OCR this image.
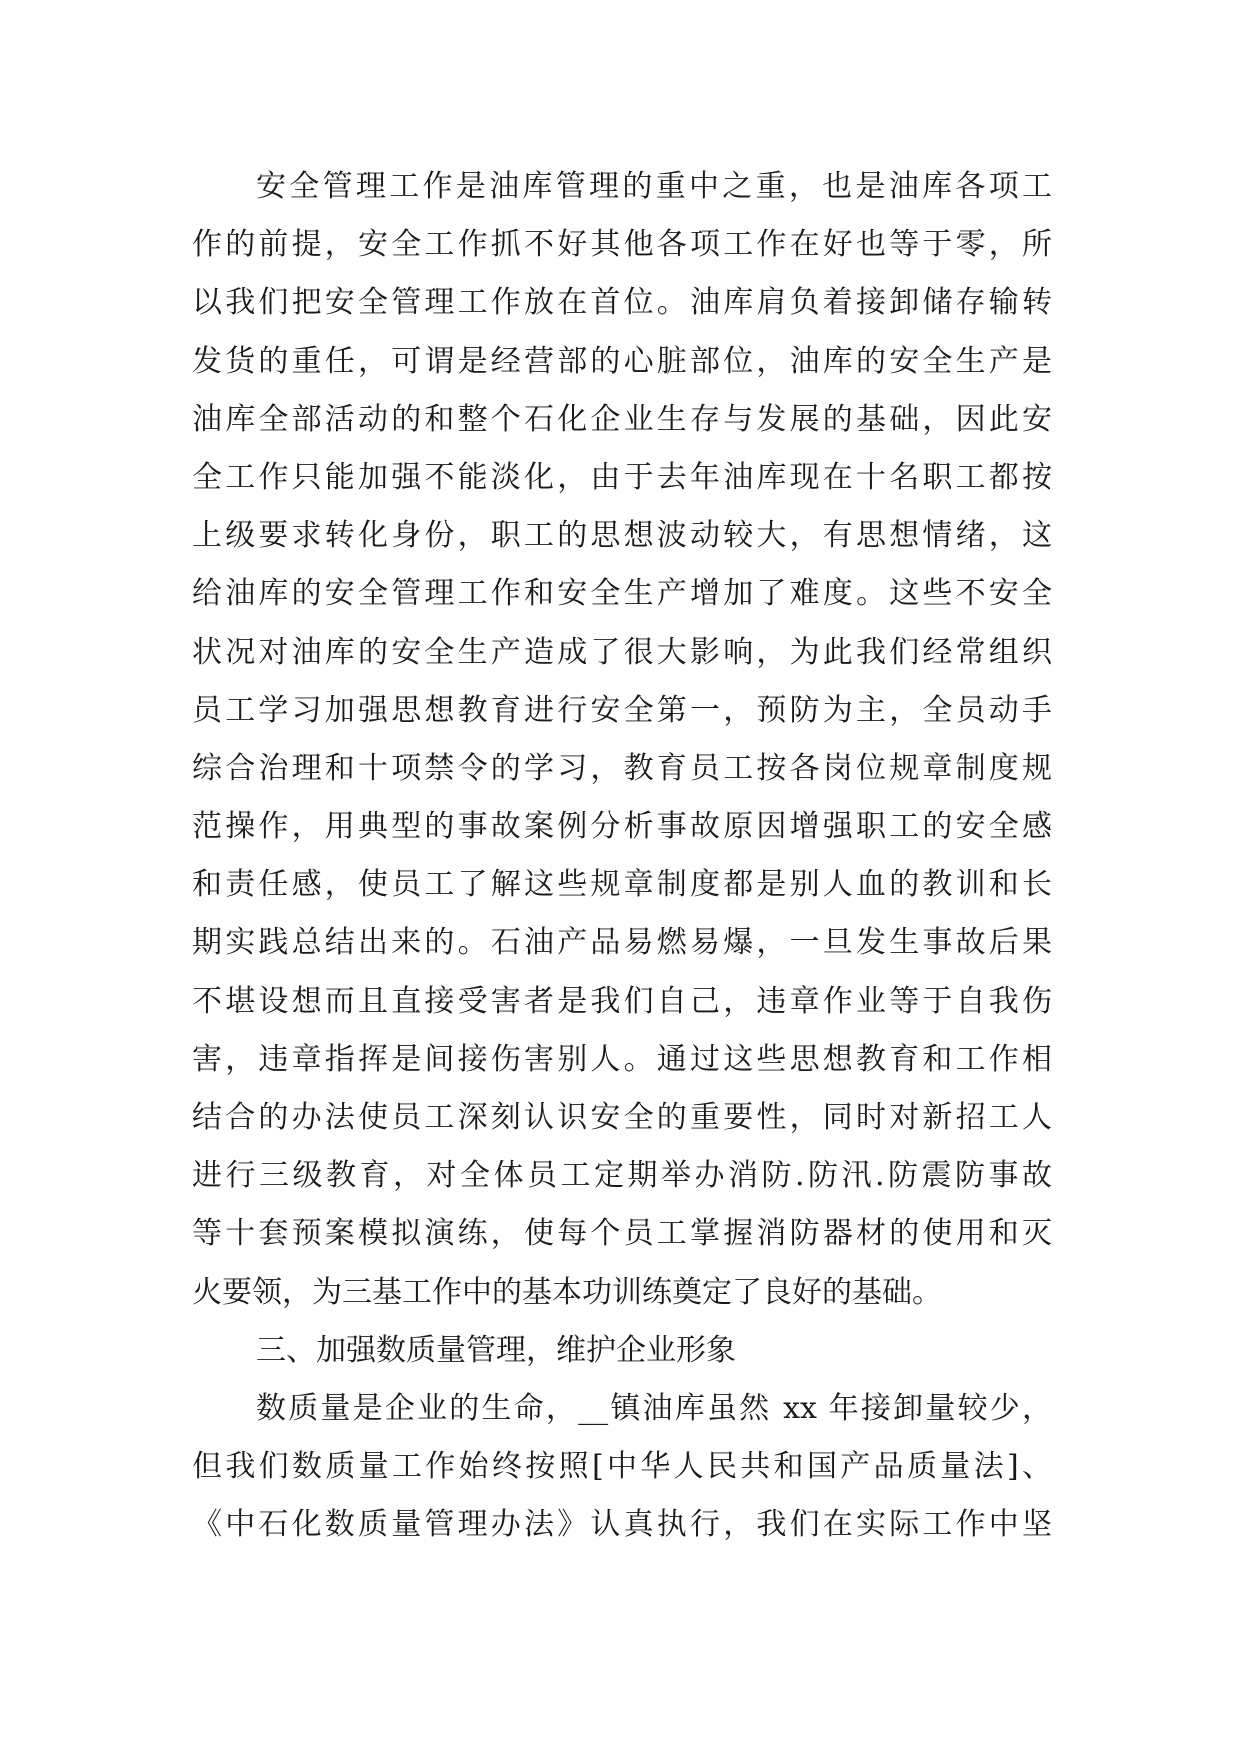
安全管理工作是油库管理的重中之重，也是油库各项工
作的前提，安全工作抓不好其他各项工作在好也等于零，所
以我们把安全管理工作放在首位。油库肩负着接卸储存输转
发货的重任，可谓是经营部的心脏部位，油库的安全生产是
油库全部活动的和整个石化企业生存与发展的基础，因此安
全工作只能加强不能淡化，由于去年油库现在十名职工都按
上级要求转化身份，职工的思想波动较大，有思想情绪，这
给油库的安全管理工作和安全生产增加了难度。这些不安全
状况对油库的安全生产造成了很大影响，为此我们经常组织
员工学习加强思想教育进行安全第一，预防为主，全员动手
综合治理和十项禁令的学习，教育员工按各岗位规章制度规
范操作，用典型的事故案例分析事故原因增强职工的安全感
和责任感，使员工了解这些规章制度都是别人血的教训和长
期实践总结出来的。石油产品易燃易爆，一旦发生事故后果
不堪设想而且直接受害者是我们自己，违章作业等于自我伤
害，违章指挥是间接伤害别人。通过这些思想教育和工作相
结合的办法使员工深刻认识安全的重要性，同时对新招工人
进行三级教育，对全体员工定期举办消防.防汛.防震防事故
等十套预案模拟演练，使每个员工掌握消防器材的使用和灭
火要领，为三基工作中的基本功训练奠定了良好的基础。
三、加强数质量管理，维护企业形象
数质量是企业的生命，__镇油库虽然 xx 年接卸量较少，
但我们数质量工作始终按照[中华人民共和国产品质量法]、
《中石化数质量管理办法》认真执行，我们在实际工作中坚
